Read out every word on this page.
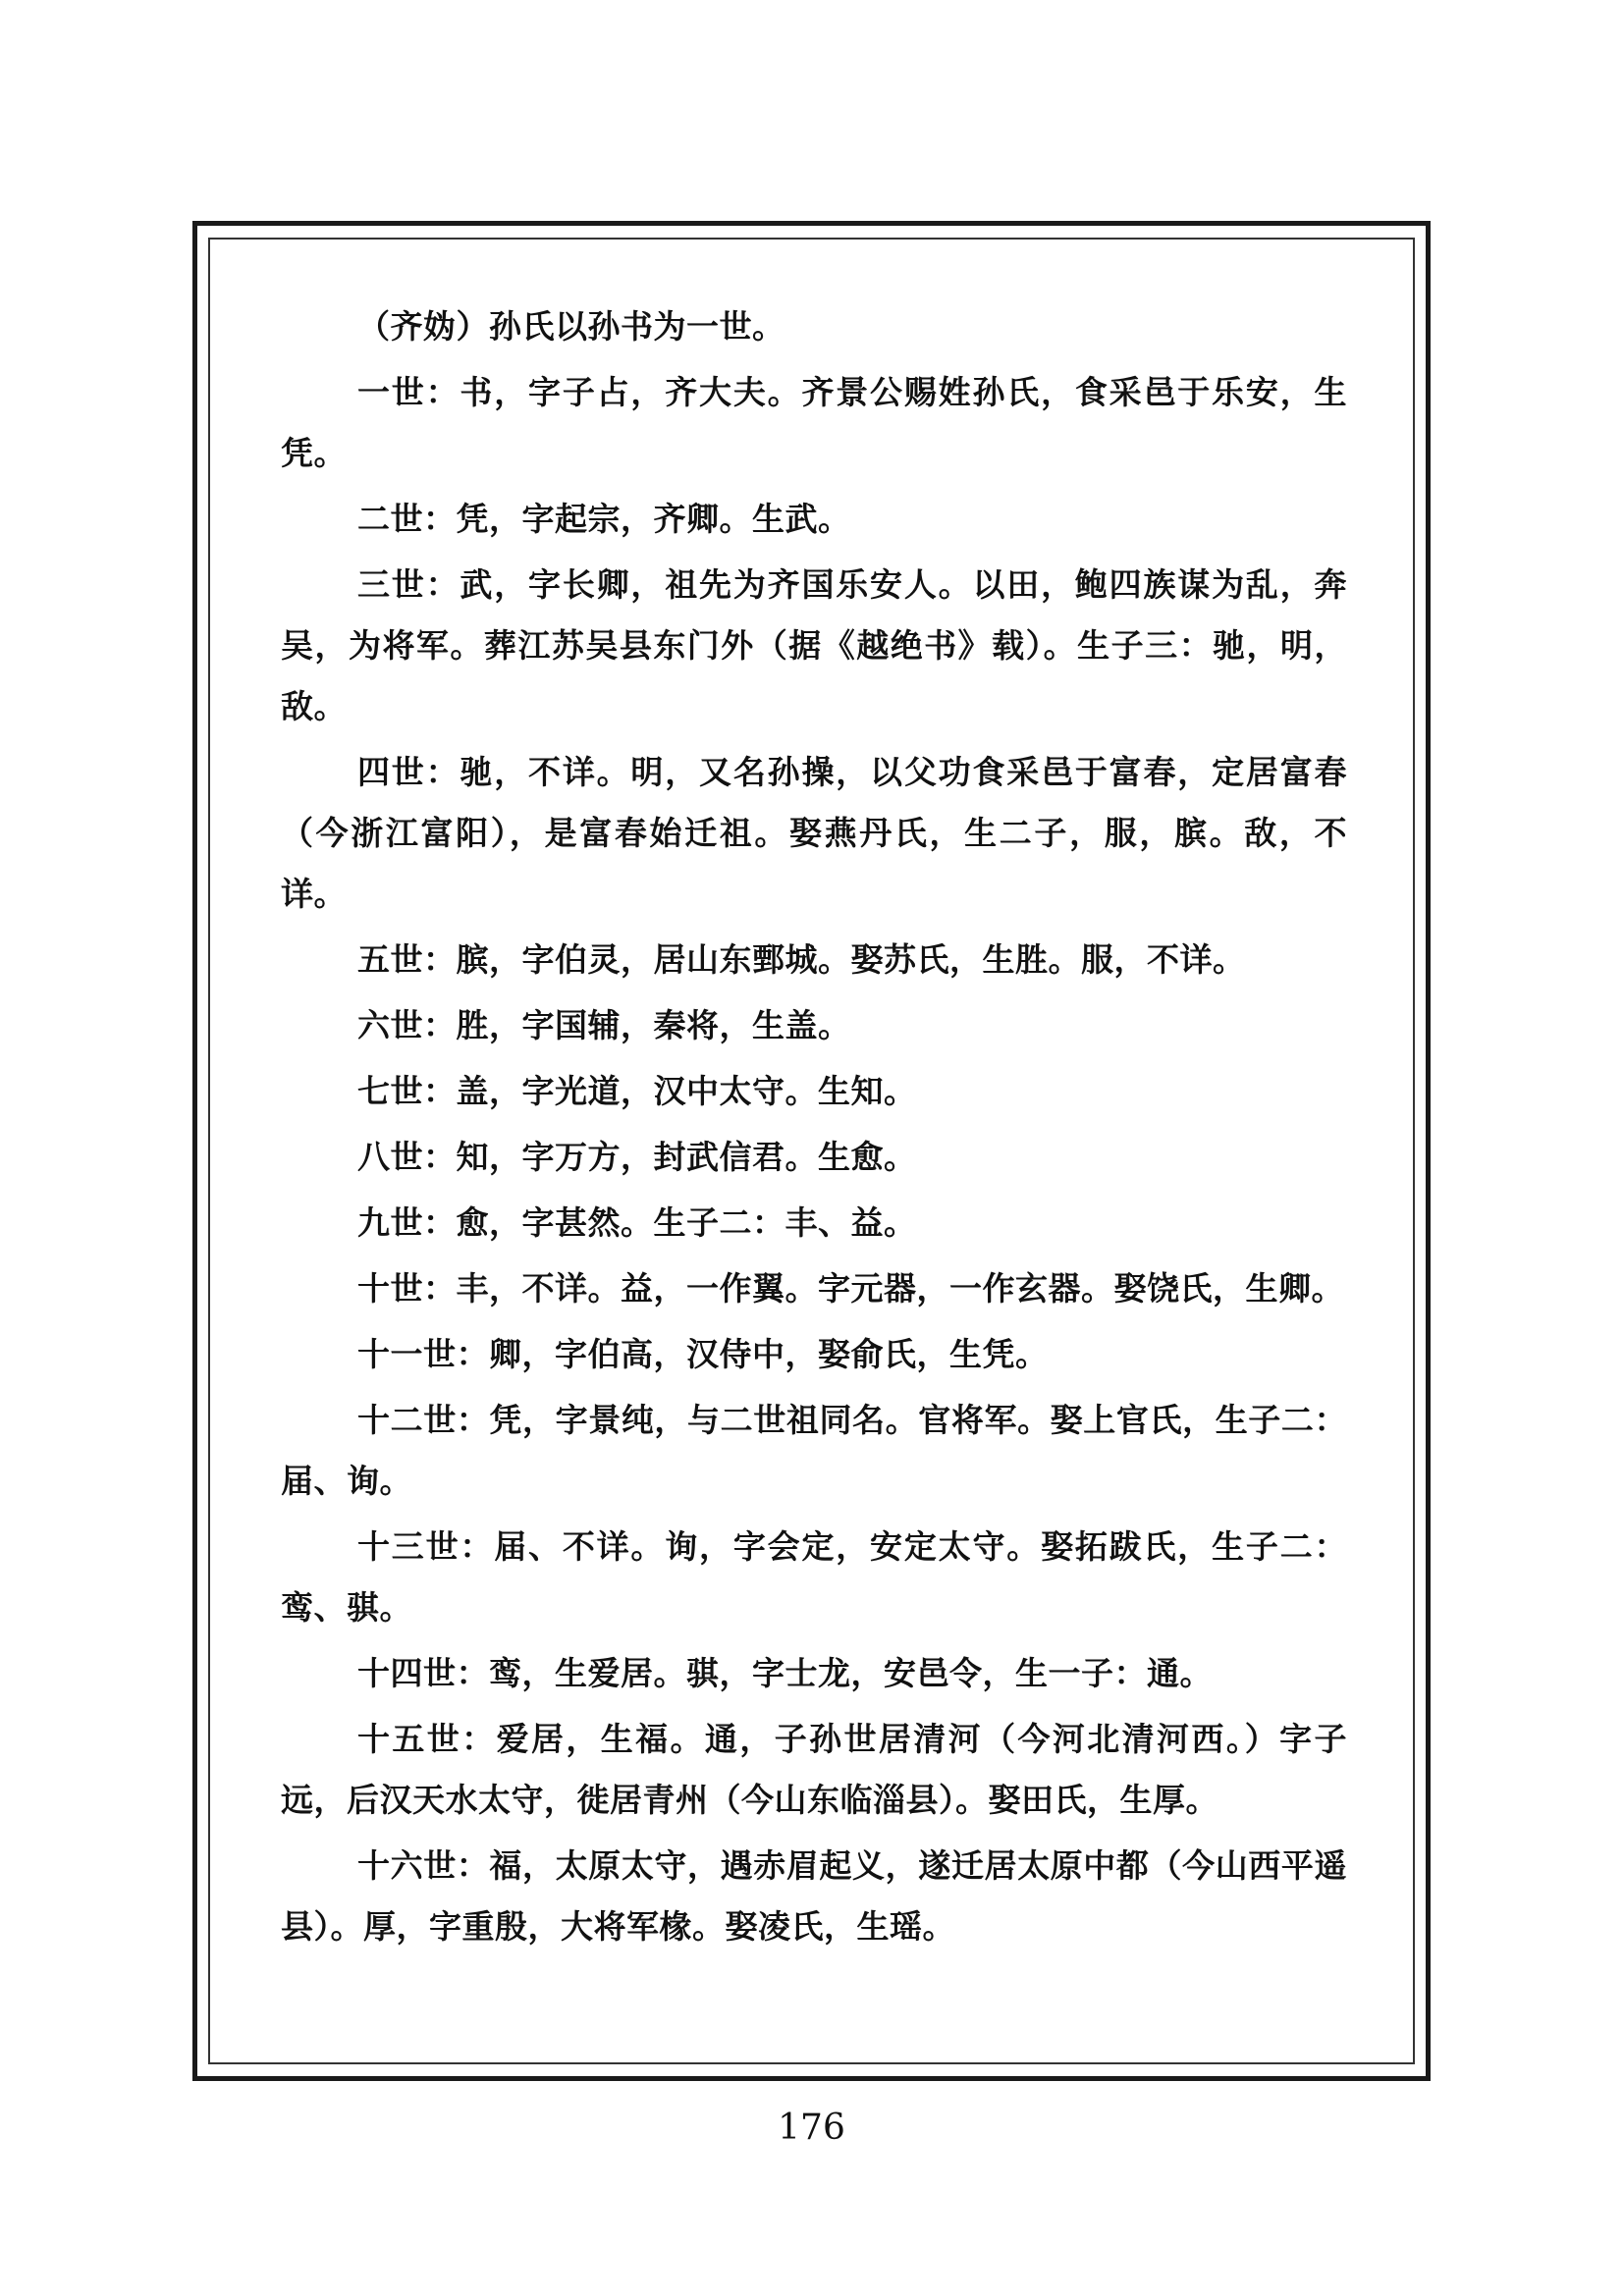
（齐妫）孙氏以孙书为一世。

一世：书，字子占，齐大夫。齐景公赐姓孙氏，食采邑于乐安，生凭。

二世：凭，字起宗，齐卿。生武。

三世：武，字长卿，祖先为齐国乐安人。以田，鲍四族谋为乱，奔吴，为将军。葬江苏吴县东门外（据《越绝书》载）。生子三：驰，明，敌。

四世：驰，不详。明，又名孙操，以父功食采邑于富春，定居富春（今浙江富阳），是富春始迁祖。娶燕丹氏，生二子，服，膑。敌，不详。

五世：膑，字伯灵，居山东鄄城。娶苏氏，生胜。服，不详。

六世：胜，字国辅，秦将，生盖。

七世：盖，字光道，汉中太守。生知。

八世：知，字万方，封武信君。生愈。

九世：愈，字甚然。生子二：丰、益。

十世：丰，不详。益，一作翼。字元器，一作玄器。娶饶氏，生卿。

十一世：卿，字伯高，汉侍中，娶俞氏，生凭。

十二世：凭，字景纯，与二世祖同名。官将军。娶上官氏，生子二：届、询。

十三世：届、不详。询，字会定，安定太守。娶拓跋氏，生子二：鸾、骐。

十四世：鸾，生爱居。骐，字士龙，安邑令，生一子：通。

十五世：爱居，生福。通，子孙世居清河（今河北清河西。）字子远，后汉天水太守，徙居青州（今山东临淄县）。娶田氏，生厚。

十六世：福，太原太守，遇赤眉起义，遂迁居太原中都（今山西平遥县）。厚，字重殷，大将军椽。娶凌氏，生瑶。

176
